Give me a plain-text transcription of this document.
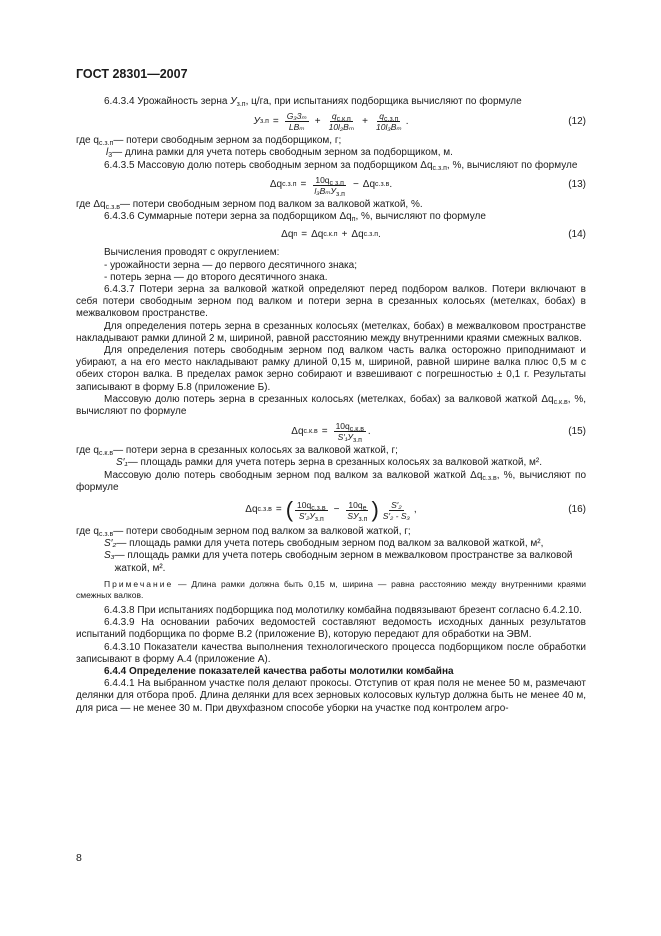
ГОСТ 28301—2007

6.4.3.4 Урожайность зерна $У_{з.п}$, ц/га, при испытаниях подборщика вычисляют по формуле

У $з.п = \frac{\text{G₃3ₘ}}{\text{LBₘ}} + \frac{q_{с.к.п}}{\text{10l₂Bₘ}} + \frac{q_{с.з.п}}{\text{10l₃Bₘ}}$ .	(12)
где $q_{с.з.п}$ — потери свободным зерном за подборщиком, г;
$l_3$ — длина рамки для учета потерь свободным зерном за подборщиком, м.

6.4.3.5 Массовую долю потерь свободным зерном за подборщиком $\Delta q_{с.з.п}$, %, вычисляют по формуле

Δq $с.з.п = \frac{10q_{с з.п}}{l_3B_mУ_{з.п}} - \Delta q$ с.з.в .	(13)
где $\Delta q_{с.з.в}$ — потери свободным зерном под валком за валковой жаткой, %.

6.4.3.6 Суммарные потери зерна за подборщиком $\Delta q_п$, %, вычисляют по формуле

Δq п = Δq с.к.п + Δq с.з.п .	(14)

Вычисления проводят с округлением:

- урожайности зерна — до первого десятичного знака;

- потерь зерна — до второго десятичного знака.

6.4.3.7 Потери зерна за валковой жаткой определяют перед подбором валков. Потери включают в себя потери свободным зерном под валком и потери зерна в срезанных колосьях (метелках, бобах) в межвалковом пространстве.

Для определения потерь зерна в срезанных колосьях (метелках, бобах) в межвалковом пространстве накладывают рамки длиной 2 м, шириной, равной расстоянию между внутренними краями смежных валков.

Для определения потерь свободным зерном под валком часть валка осторожно приподнимают и убирают, а на его место накладывают рамку длиной 0,15 м, шириной, равной ширине валка плюс 0,5 м с обеих сторон валка. В пределах рамок зерно собирают и взвешивают с погрешностью ± 0,1 г. Результаты записывают в форму Б.8 (приложение Б).

Массовую долю потерь зерна в срезанных колосьях (метелках, бобах) за валковой жаткой $\Delta q_{с.к.в}$, %, вычисляют по формуле

Δq $с.к.в = \frac{10q_{с.к.в}}{S'_1У_{з.п}}$ .	(15)
где $q_{с.к.в}$ — потери зерна в срезанных колосьях за валковой жаткой, г;
S′₁ — площадь рамки для учета потерь зерна в срезанных колосьях за валковой жаткой, м².

Массовую долю потерь свободным зерном под валком за валковой жаткой $\Delta q_{с.з.в}$, %, вычисляют по формуле

Δq с.з.в = ( $\frac{10q_{с.з.в}}{S'_2У_{з.п}} - \frac{10q_e}{SУ_{з.п}}$ ) $\frac{\text{S′₂}}{\text{S′₂ - S₃}}$ ,	(16)
где $q_{с.з.в}$ — потери свободным зерном под валком за валковой жаткой, г;
S′₂ — площадь рамки для учета потерь свободным зерном под валком за валковой жаткой, м²,
S₃ — площадь рамки для учета потерь свободным зерном в межвалковом пространстве за валковой жаткой, м².

Примечание — Длина рамки должна быть 0,15 м, ширина — равна расстоянию между внутренними краями смежных валков.

6.4.3.8 При испытаниях подборщика под молотилку комбайна подвязывают брезент согласно 6.4.2.10.

6.4.3.9 На основании рабочих ведомостей составляют ведомость исходных данных результатов испытаний подборщика по форме В.2 (приложение В), которую передают для обработки на ЭВМ.

6.4.3.10 Показатели качества выполнения технологического процесса подборщиком после обработки записывают в форму А.4 (приложение А).

6.4.4 Определение показателей качества работы молотилки комбайна

6.4.4.1 На выбранном участке поля делают прокосы. Отступив от края поля не менее 50 м, размечают делянки для отбора проб. Длина делянки для всех зерновых колосовых культур должна быть не менее 40 м, для риса — не менее 30 м. При двухфазном способе уборки на участке под контролем агро-

8
